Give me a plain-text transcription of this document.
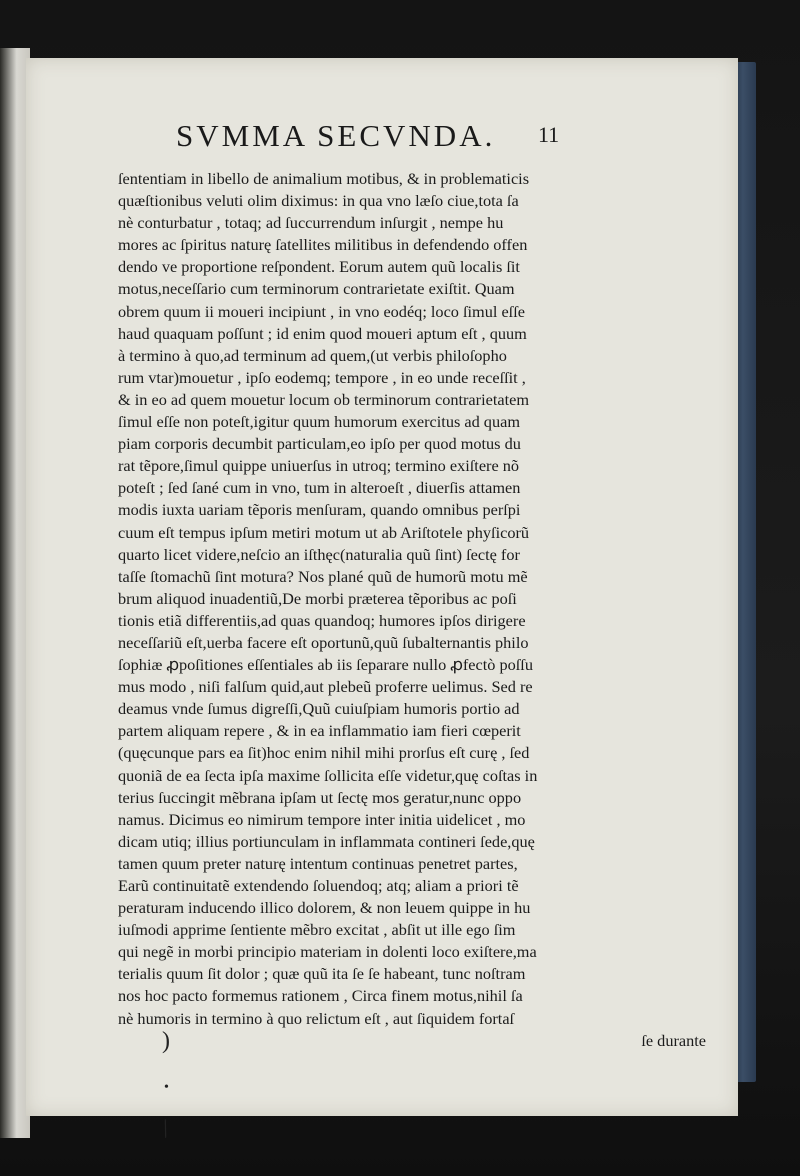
SVMMA SECVNDA. 11
ſententiam in libello de animalium motibus, & in problematicis
quæſtionibus veluti olim diximus: in qua vno læſo ciue,tota ſa
nè conturbatur , totaq; ad ſuccurrendum inſurgit , nempe hu
mores ac ſpiritus naturę ſatellites militibus in defendendo offen
dendo ve proportione reſpondent. Eorum autem quũ localis ſit
motus,neceſſario cum terminorum contrarietate exiſtit. Quam
obrem quum ii moueri incipiunt , in vno eodéq; loco ſimul eſſe
haud quaquam poſſunt ; id enim quod moueri aptum eſt , quum
à termino à quo,ad terminum ad quem,(ut verbis philoſopho
rum vtar)mouetur , ipſo eodemq; tempore , in eo unde receſſit ,
& in eo ad quem mouetur locum ob terminorum contrarietatem
ſimul eſſe non poteſt,igitur quum humorum exercitus ad quam
piam corporis decumbit particulam,eo ipſo per quod motus du
rat tẽpore,ſimul quippe uniuerſus in utroq; termino exiſtere nõ
poteſt ; ſed ſané cum in vno, tum in alteroeſt , diuerſis attamen
modis iuxta uariam tẽporis menſuram, quando omnibus perſpi
cuum eſt tempus ipſum metiri motum ut ab Ariſtotele phyſicorũ
quarto licet videre,neſcio an iſthęc(naturalia quũ ſint) ſectę for
taſſe ſtomachũ ſint motura? Nos plané quũ de humorũ motu mẽ
brum aliquod inuadentiũ,De morbi præterea tẽporibus ac poſi
tionis etiã differentiis,ad quas quandoq; humores ipſos dirigere
neceſſariũ eſt,uerba facere eſt oportunũ,quũ ſubalternantis philo
ſophiæ ꝓpoſitiones eſſentiales ab iis ſeparare nullo ꝓfectò poſſu
mus modo , niſi falſum quid,aut plebeũ proferre uelimus. Sed re
deamus vnde ſumus digreſſi,Quũ cuiuſpiam humoris portio ad
partem aliquam repere , & in ea inflammatio iam fieri cœperit
(quęcunque pars ea ſit)hoc enim nihil mihi prorſus eſt curę , ſed
quoniã de ea ſecta ipſa maxime ſollicita eſſe videtur,quę coſtas in
terius ſuccingit mẽbrana ipſam ut ſectę mos geratur,nunc oppo
namus. Dicimus eo nimirum tempore inter initia uidelicet , mo
dicam utiq; illius portiunculam in inflammata contineri ſede,quę
tamen quum preter naturę intentum continuas penetret partes,
Earũ continuitatẽ extendendo ſoluendoq; atq; aliam a priori tẽ
peraturam inducendo illico dolorem, & non leuem quippe in hu
iuſmodi apprime ſentiente mẽbro excitat , abſit ut ille ego ſim
qui negẽ in morbi principio materiam in dolenti loco exiſtere,ma
terialis quum ſit dolor ; quæ quũ ita ſe ſe habeant, tunc noſtram
nos hoc pacto formemus rationem , Circa finem motus,nihil ſa
nè humoris in termino à quo relictum eſt , aut ſiquidem fortaſ
ſe durante
)
•
/
